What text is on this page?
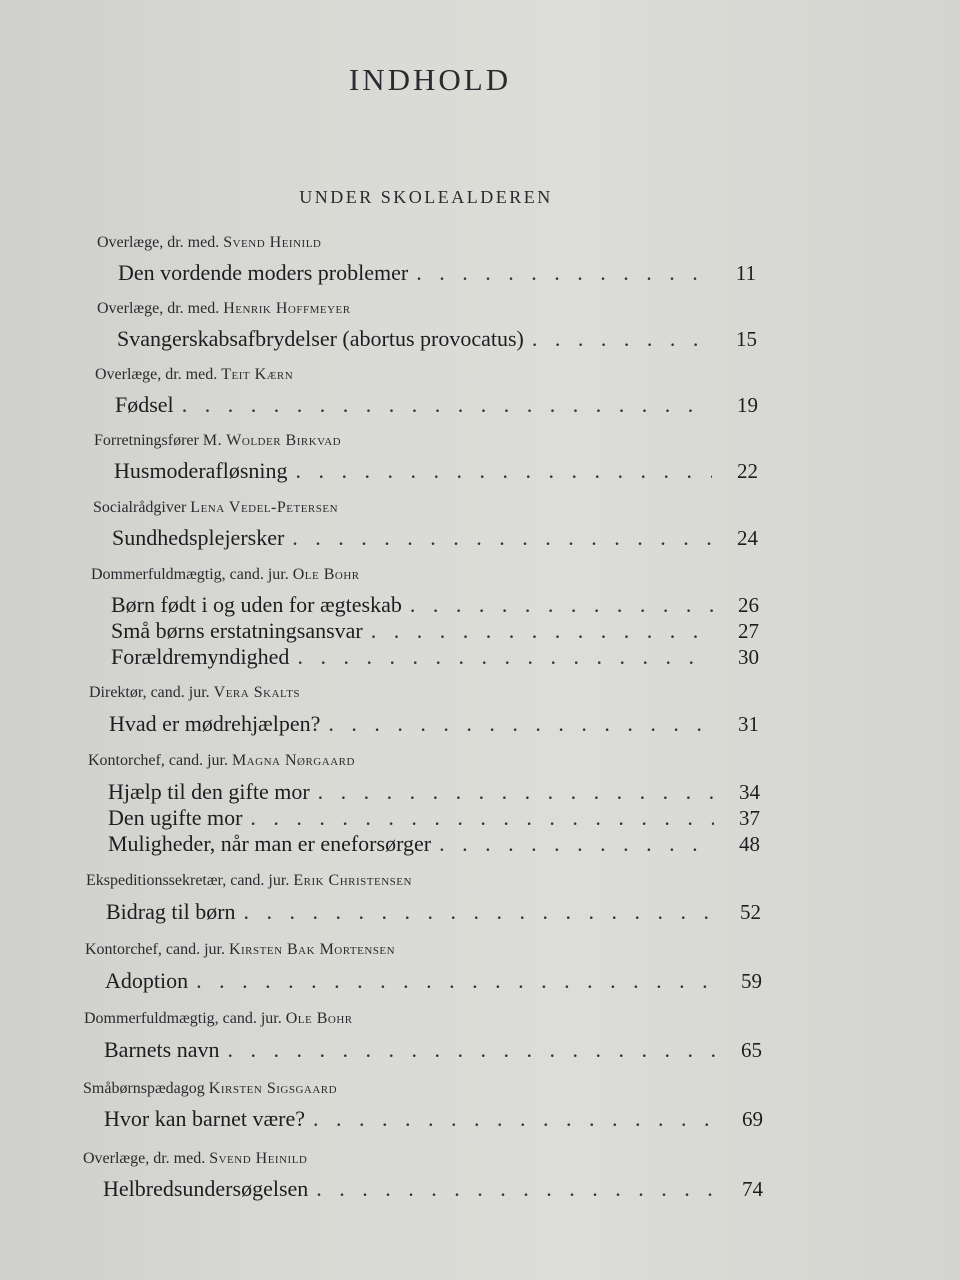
INDHOLD
UNDER SKOLEALDEREN
Overlæge, dr. med. Svend Heinild
Den vordende moders problemer . . .	11
Overlæge, dr. med. Henrik Hoffmeyer
Svangerskabsafbrydelser (abortus provocatus) . . .	15
Overlæge, dr. med. Teit Kærn
Fødsel . . .	19
Forretningsfører M. Wolder Birkvad
Husmoderafløsning . . .	22
Socialrådgiver Lena Vedel-Petersen
Sundhedsplejersker . . .	24
Dommerfuldmægtig, cand. jur. Ole Bohr
Børn født i og uden for ægteskab . . .	26
Små børns erstatningsansvar . . .	27
Forældremyndighed . . .	30
Direktør, cand. jur. Vera Skalts
Hvad er mødrehjælpen? . . .	31
Kontorchef, cand. jur. Magna Nørgaard
Hjælp til den gifte mor . . .	34
Den ugifte mor . . .	37
Muligheder, når man er eneforsørger . . .	48
Ekspeditionssekretær, cand. jur. Erik Christensen
Bidrag til børn . . .	52
Kontorchef, cand. jur. Kirsten Bak Mortensen
Adoption . . .	59
Dommerfuldmægtig, cand. jur. Ole Bohr
Barnets navn . . .	65
Småbørnspædagog Kirsten Sigsgaard
Hvor kan barnet være? . . .	69
Overlæge, dr. med. Svend Heinild
Helbredsundersøgelsen . . .	74
